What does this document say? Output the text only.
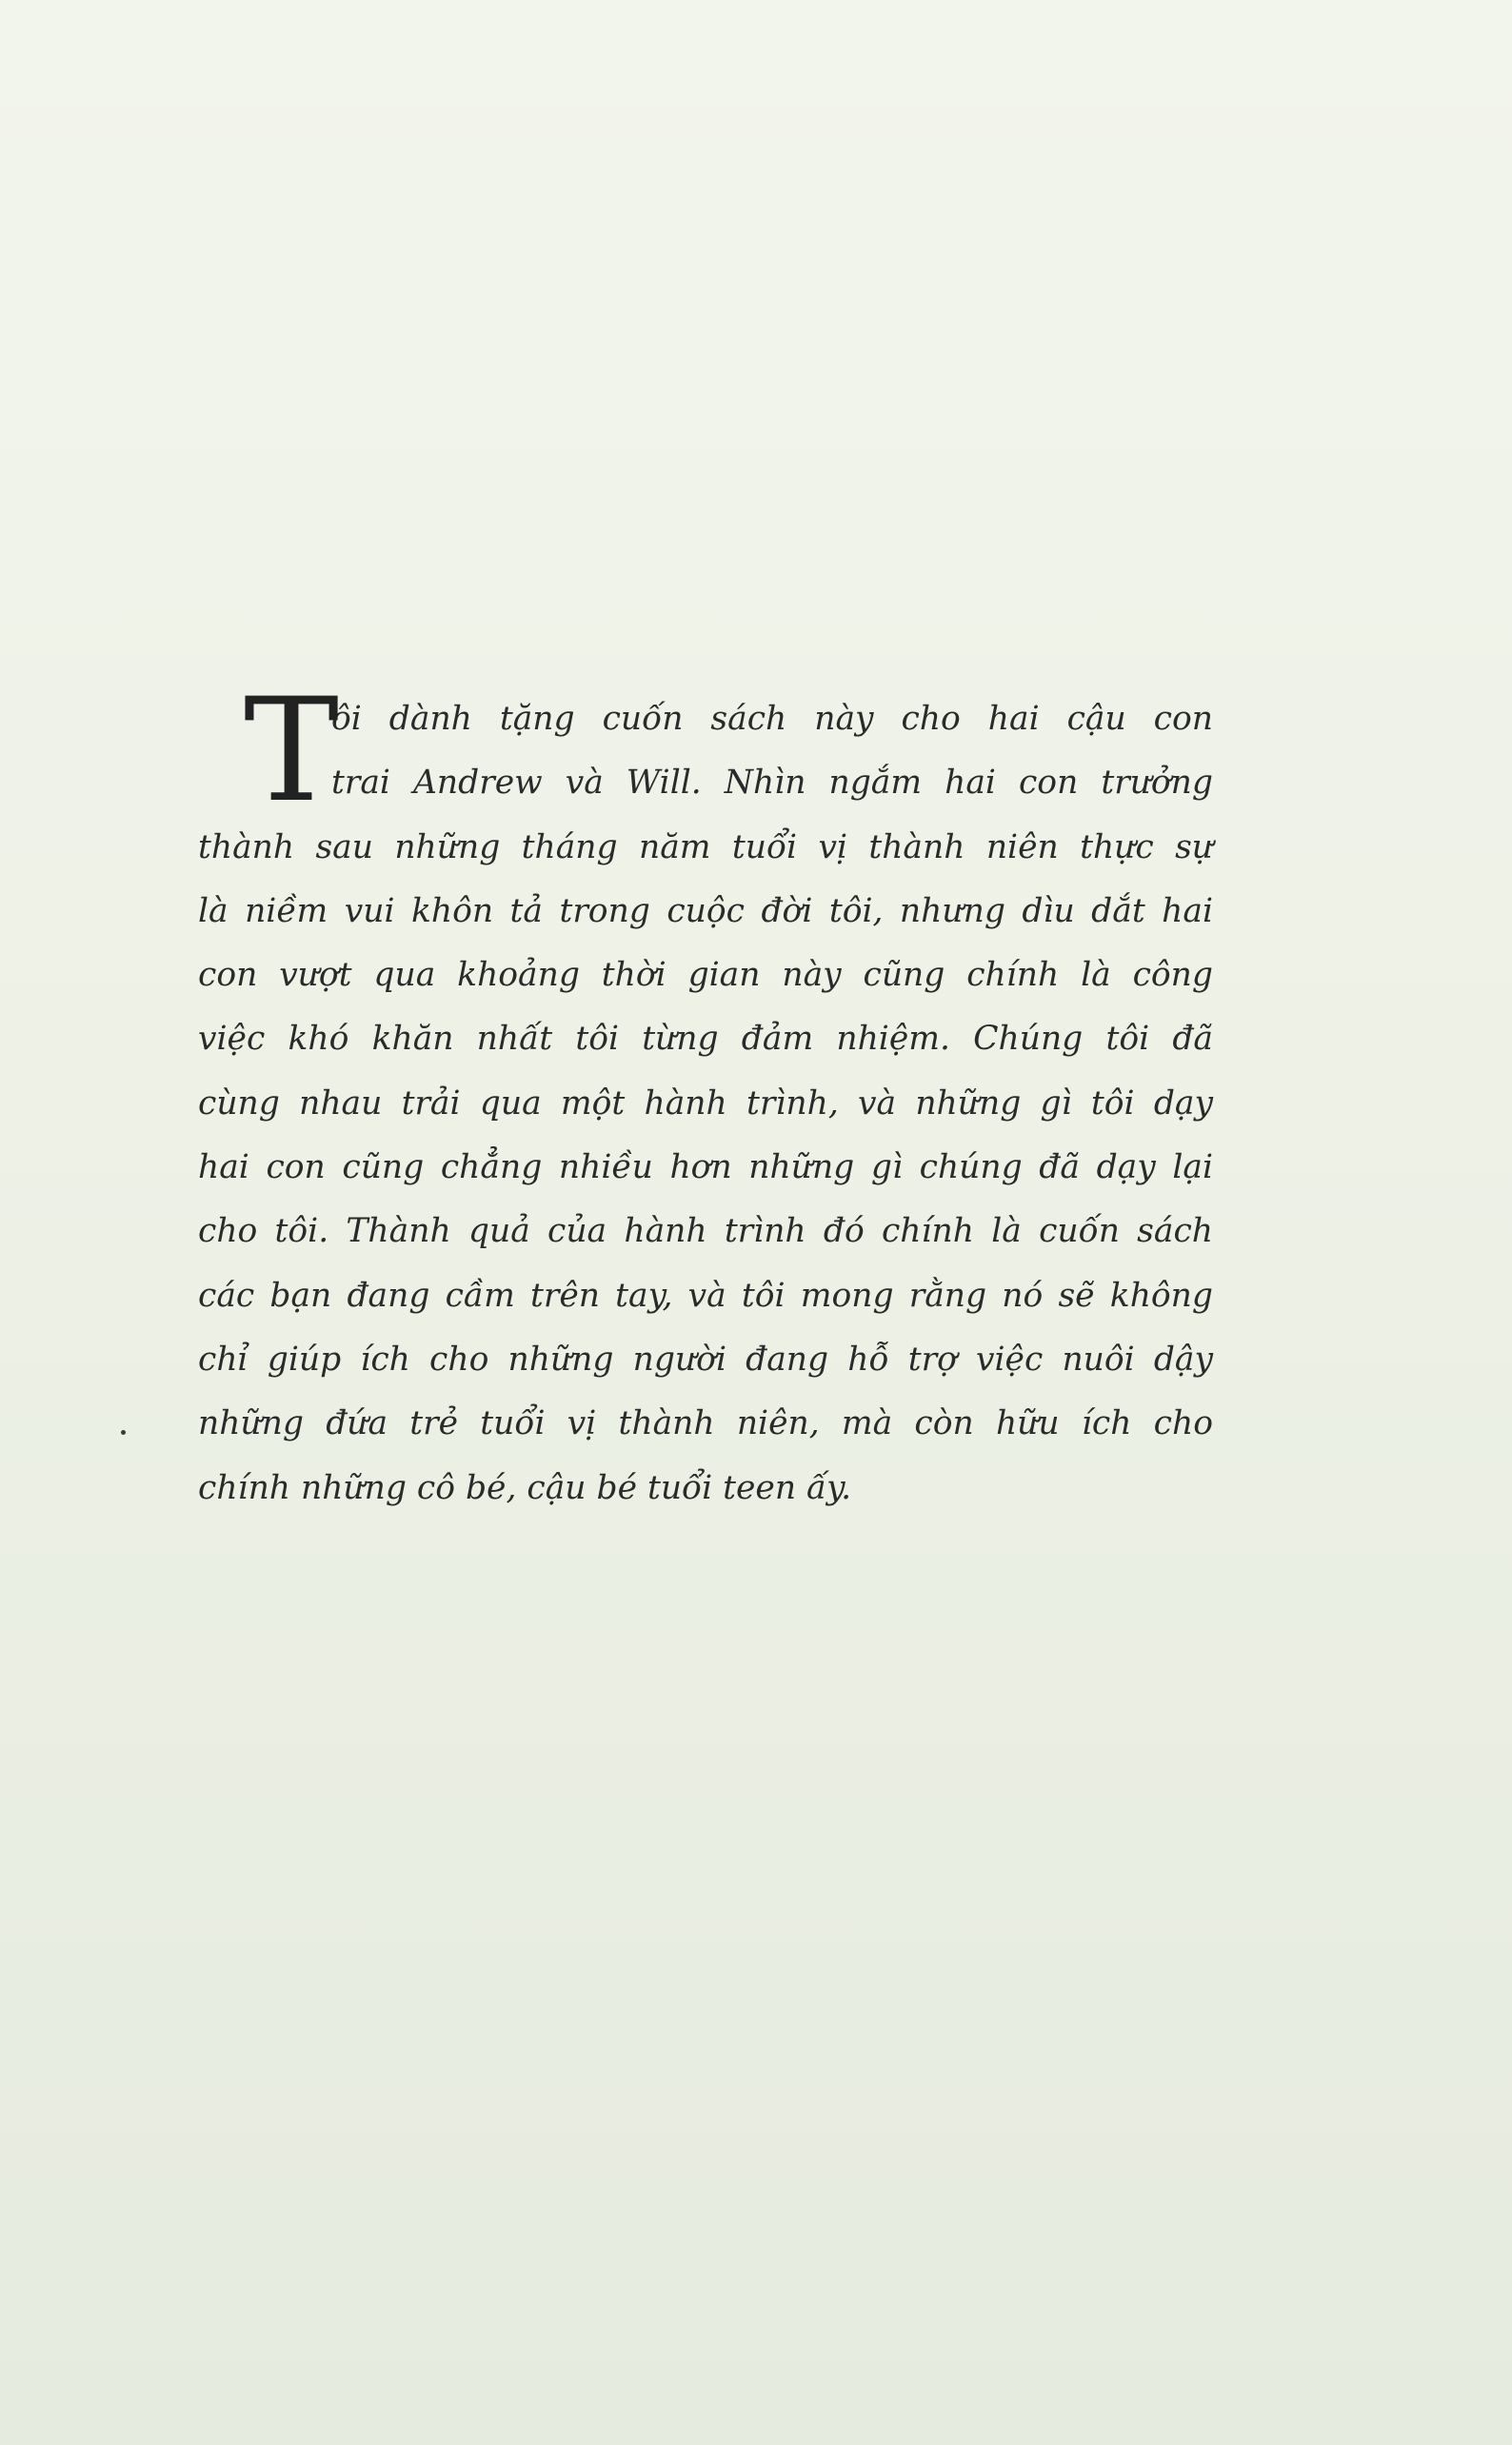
T
ôi dành tặng cuốn sách này cho hai cậu con
trai Andrew và Will. Nhìn ngắm hai con trưởng
thành sau những tháng năm tuổi vị thành niên thực sự
là niềm vui khôn tả trong cuộc đời tôi, nhưng dìu dắt hai
con vượt qua khoảng thời gian này cũng chính là công
việc khó khăn nhất tôi từng đảm nhiệm. Chúng tôi đã
cùng nhau trải qua một hành trình, và những gì tôi dạy
hai con cũng chẳng nhiều hơn những gì chúng đã dạy lại
cho tôi. Thành quả của hành trình đó chính là cuốn sách
các bạn đang cầm trên tay, và tôi mong rằng nó sẽ không
chỉ giúp ích cho những người đang hỗ trợ việc nuôi dậy
những đứa trẻ tuổi vị thành niên, mà còn hữu ích cho
chính những cô bé, cậu bé tuổi teen ấy.
